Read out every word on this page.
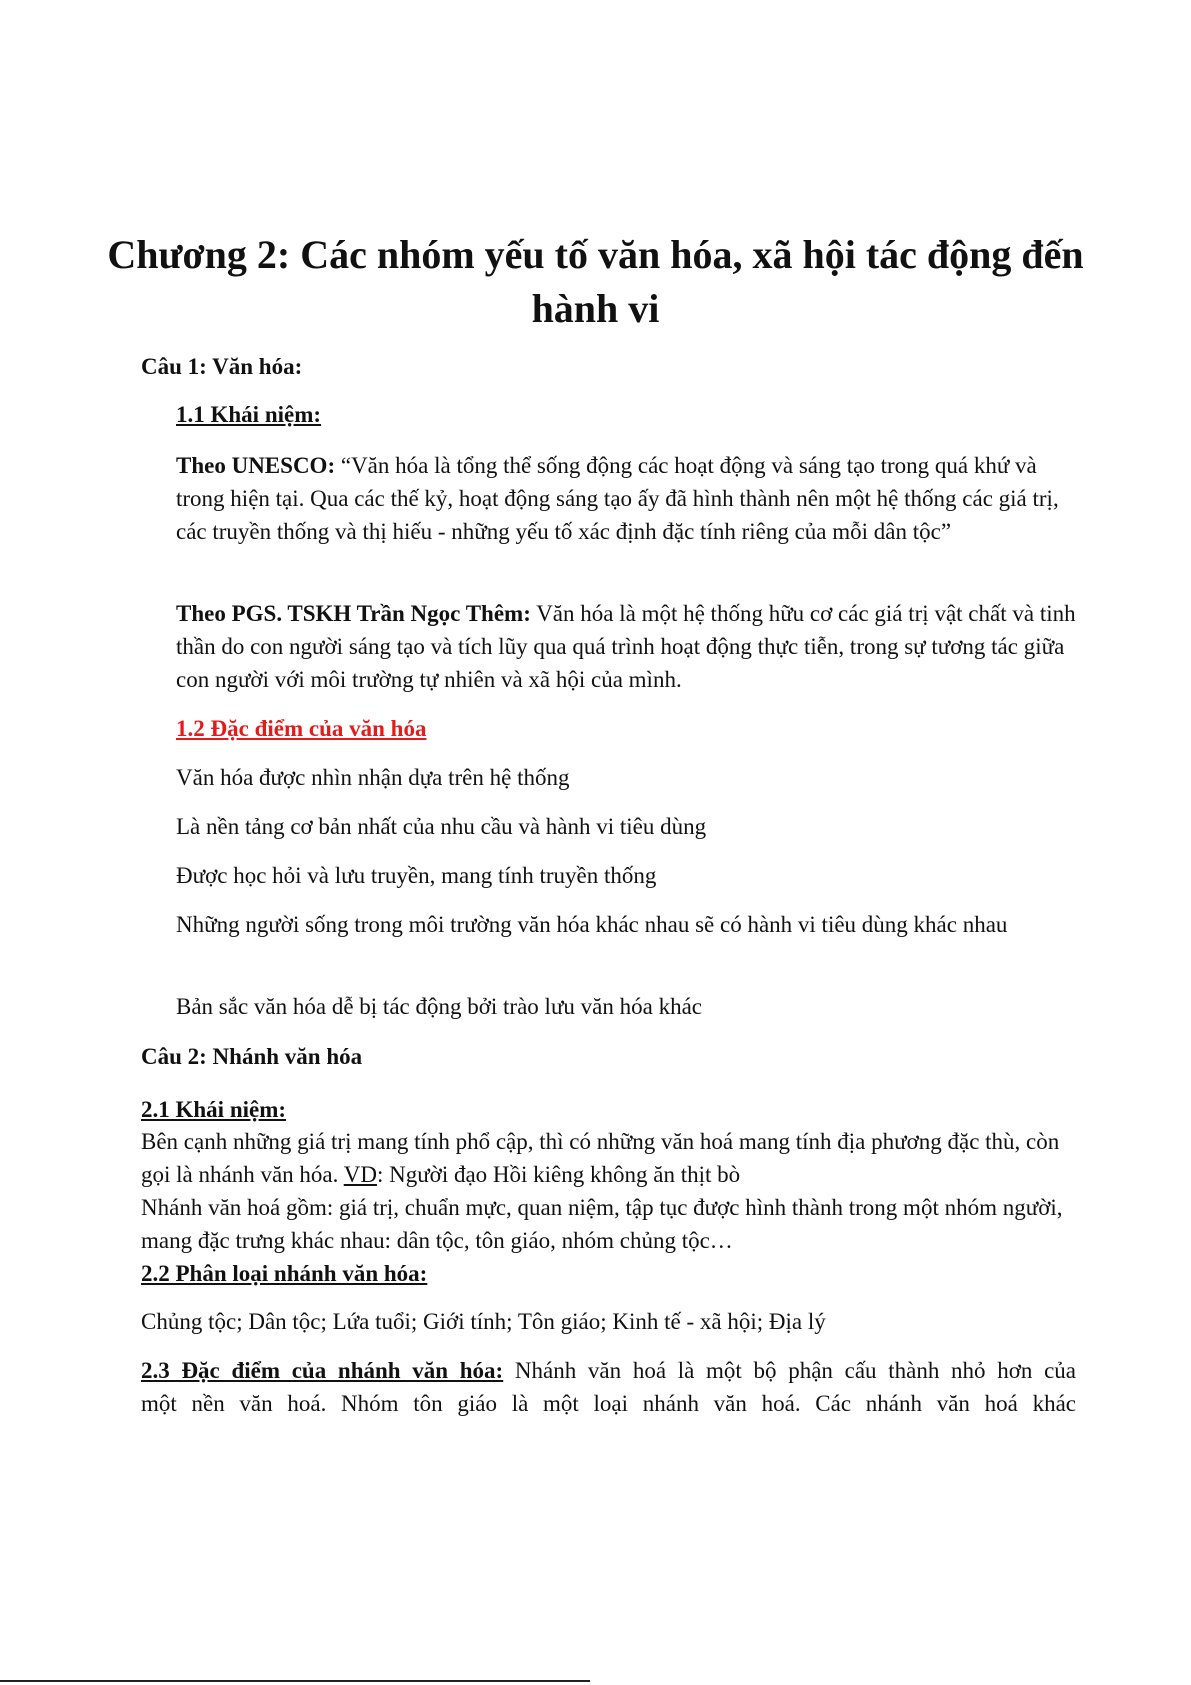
Chương 2: Các nhóm yếu tố văn hóa, xã hội tác động đến hành vi

Câu 1: Văn hóa:

1.1 Khái niệm:

Theo UNESCO: “Văn hóa là tổng thể sống động các hoạt động và sáng tạo trong quá khứ và trong hiện tại. Qua các thế kỷ, hoạt động sáng tạo ấy đã hình thành nên một hệ thống các giá trị, các truyền thống và thị hiếu - những yếu tố xác định đặc tính riêng của mỗi dân tộc”

Theo PGS. TSKH Trần Ngọc Thêm: Văn hóa là một hệ thống hữu cơ các giá trị vật chất và tinh thần do con người sáng tạo và tích lũy qua quá trình hoạt động thực tiễn, trong sự tương tác giữa con người với môi trường tự nhiên và xã hội của mình.

1.2 Đặc điểm của văn hóa

Văn hóa được nhìn nhận dựa trên hệ thống

Là nền tảng cơ bản nhất của nhu cầu và hành vi tiêu dùng

Được học hỏi và lưu truyền, mang tính truyền thống

Những người sống trong môi trường văn hóa khác nhau sẽ có hành vi tiêu dùng khác nhau

Bản sắc văn hóa dễ bị tác động bởi trào lưu văn hóa khác

Câu 2: Nhánh văn hóa

2.1 Khái niệm:

Bên cạnh những giá trị mang tính phổ cập, thì có những văn hoá mang tính địa phương đặc thù, còn gọi là nhánh văn hóa. VD: Người đạo Hồi kiêng không ăn thịt bò

Nhánh văn hoá gồm: giá trị, chuẩn mực, quan niệm, tập tục được hình thành trong một nhóm người, mang đặc trưng khác nhau: dân tộc, tôn giáo, nhóm chủng tộc…

2.2 Phân loại nhánh văn hóa:

Chủng tộc; Dân tộc; Lứa tuổi; Giới tính; Tôn giáo; Kinh tế - xã hội; Địa lý

2.3 Đặc điểm của nhánh văn hóa: Nhánh văn hoá là một bộ phận cấu thành nhỏ hơn của

một nền văn hoá. Nhóm tôn giáo là một loại nhánh văn hoá. Các nhánh văn hoá khác
